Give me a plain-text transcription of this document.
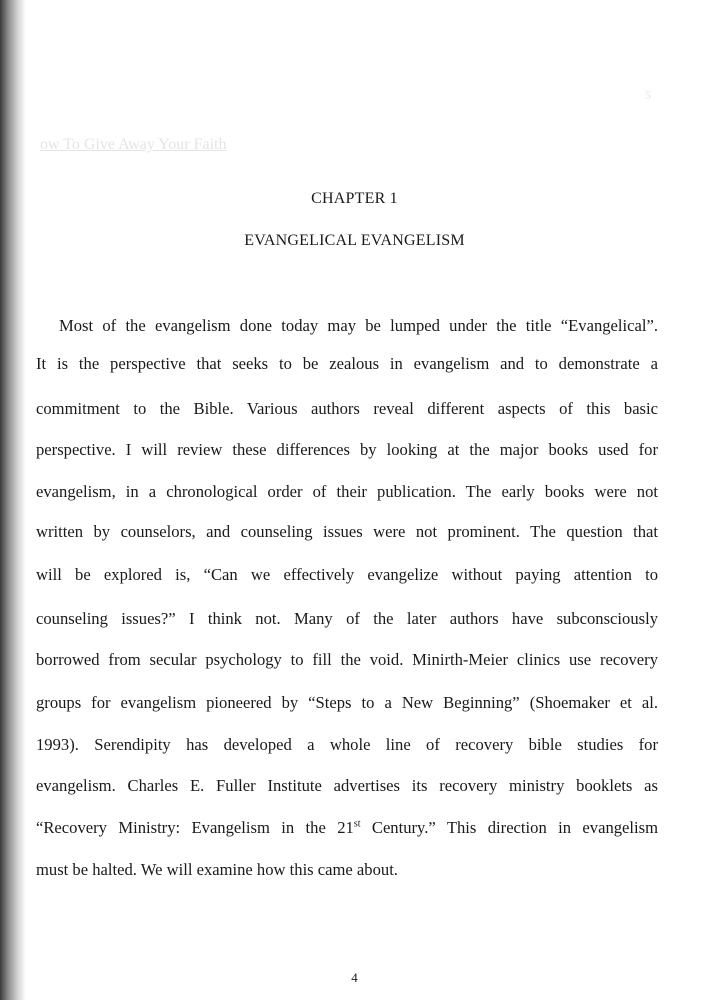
ow To Give Away Your Faith
5
CHAPTER 1
EVANGELICAL EVANGELISM
Most of the evangelism done today may be lumped under the title “Evangelical”.
It is the perspective that seeks to be zealous in evangelism and to demonstrate a
commitment to the Bible. Various authors reveal different aspects of this basic
perspective. I will review these differences by looking at the major books used for
evangelism, in a chronological order of their publication. The early books were not
written by counselors, and counseling issues were not prominent. The question that
will be explored is, “Can we effectively evangelize without paying attention to
counseling issues?” I think not. Many of the later authors have subconsciously
borrowed from secular psychology to fill the void. Minirth-Meier clinics use recovery
groups for evangelism pioneered by “Steps to a New Beginning” (Shoemaker et al.
1993). Serendipity has developed a whole line of recovery bible studies for
evangelism. Charles E. Fuller Institute advertises its recovery ministry booklets as
“Recovery Ministry: Evangelism in the 21st Century.” This direction in evangelism
must be halted. We will examine how this came about.
4
